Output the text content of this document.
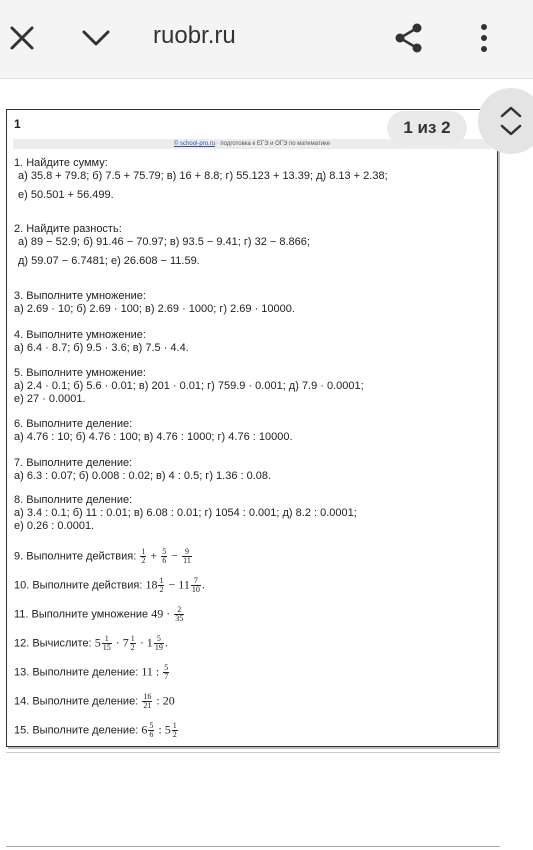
ruobr.ru
1
© school-pro.ru · подготовка к ЕГЭ и ОГЭ по математике
1. Найдите сумму:
а) 35.8 + 79.8; б) 7.5 + 75.79; в) 16 + 8.8; г) 55.123 + 13.39; д) 8.13 + 2.38;
е) 50.501 + 56.499.
2. Найдите разность:
а) 89 − 52.9; б) 91.46 − 70.97; в) 93.5 − 9.41; г) 32 − 8.866;
д) 59.07 − 6.7481; е) 26.608 − 11.59.
3. Выполните умножение:
а) 2.69 · 10; б) 2.69 · 100; в) 2.69 · 1000; г) 2.69 · 10000.
4. Выполните умножение:
а) 6.4 · 8.7; б) 9.5 · 3.6; в) 7.5 · 4.4.
5. Выполните умножение:
а) 2.4 · 0.1; б) 5.6 · 0.01; в) 201 · 0.01; г) 759.9 · 0.001; д) 7.9 · 0.0001;
е) 27 · 0.0001.
6. Выполните деление:
а) 4.76 : 10; б) 4.76 : 100; в) 4.76 : 1000; г) 4.76 : 10000.
7. Выполните деление:
а) 6.3 : 0.07; б) 0.008 : 0.02; в) 4 : 0.5; г) 1.36 : 0.08.
8. Выполните деление:
а) 3.4 : 0.1; б) 11 : 0.01; в) 6.08 : 0.01; г) 1054 : 0.001; д) 8.2 : 0.0001;
е) 0.26 : 0.0001.
9. Выполните действия: $\frac{1}{2} + \frac{5}{6} - \frac{9}{11}$
10. Выполните действия: $18 \frac{1}{2} - 11 \frac{7}{10}$ .
11. Выполните умножение $49 \cdot \frac{2}{35}$
12. Вычислите: $5 \frac{1}{15} \cdot 7 \frac{1}{2} \cdot 1 \frac{5}{19}$ .
13. Выполните деление: 11 : $\frac{5}{7}$
14. Выполните деление: $\frac{16}{21}$ : 20
15. Выполните деление: $6 \frac{5}{6}$ : $5 \frac{1}{2}$
1 из 2
